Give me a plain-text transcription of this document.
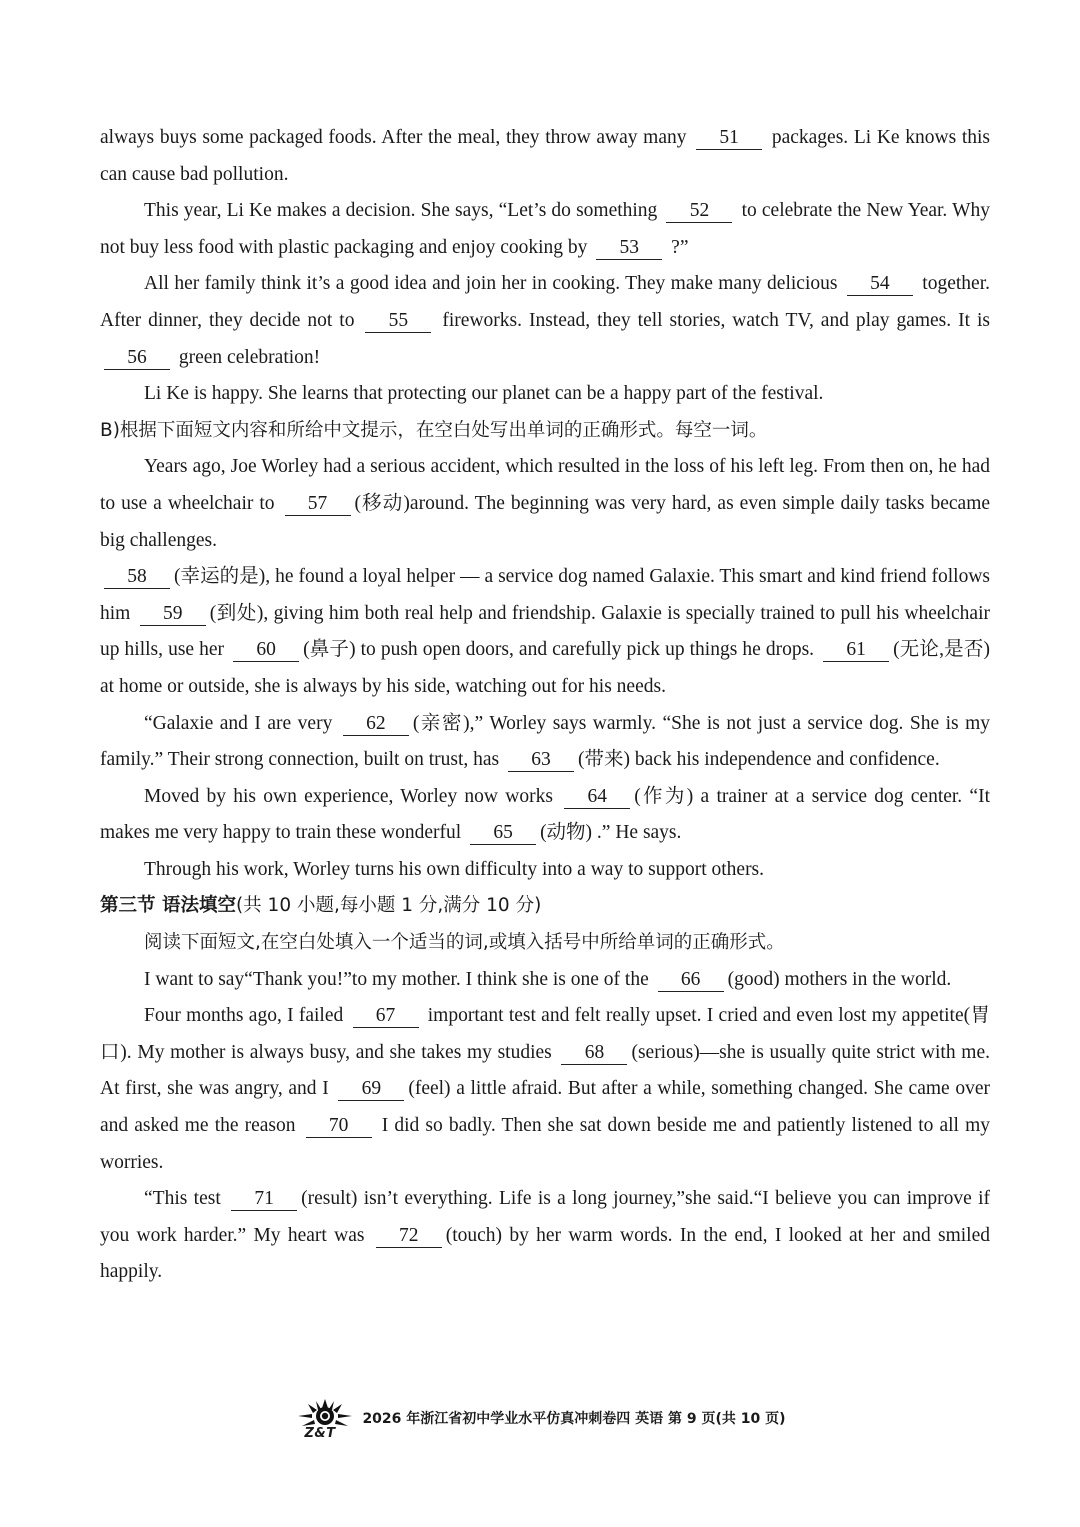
always buys some packaged foods. After the meal, they throw away many 51 packages. Li Ke knows this can cause bad pollution.

This year, Li Ke makes a decision. She says, “Let’s do something 52 to celebrate the New Year. Why not buy less food with plastic packaging and enjoy cooking by 53 ?”

All her family think it’s a good idea and join her in cooking. They make many delicious 54 together. After dinner, they decide not to 55 fireworks. Instead, they tell stories, watch TV, and play games. It is 56 green celebration!

Li Ke is happy. She learns that protecting our planet can be a happy part of the festival.

B)根据下面短文内容和所给中文提示，在空白处写出单词的正确形式。每空一词。

Years ago, Joe Worley had a serious accident, which resulted in the loss of his left leg. From then on, he had to use a wheelchair to 57 (移动)around. The beginning was very hard, as even simple daily tasks became big challenges.

58 (幸运的是), he found a loyal helper — a service dog named Galaxie. This smart and kind friend follows him 59 (到处), giving him both real help and friendship. Galaxie is specially trained to pull his wheelchair up hills, use her 60 (鼻子) to push open doors, and carefully pick up things he drops. 61 (无论,是否) at home or outside, she is always by his side, watching out for his needs.

“Galaxie and I are very 62 (亲密),” Worley says warmly. “She is not just a service dog. She is my family.” Their strong connection, built on trust, has 63 (带来) back his independence and confidence.

Moved by his own experience, Worley now works 64 (作为) a trainer at a service dog center. “It makes me very happy to train these wonderful 65 (动物) .” He says.

Through his work, Worley turns his own difficulty into a way to support others.

第三节 语法填空(共 10 小题,每小题 1 分,满分 10 分)

阅读下面短文,在空白处填入一个适当的词,或填入括号中所给单词的正确形式。

I want to say“Thank you!”to my mother. I think she is one of the 66 (good) mothers in the world.

Four months ago, I failed 67 important test and felt really upset. I cried and even lost my appetite(胃口). My mother is always busy, and she takes my studies 68 (serious)—she is usually quite strict with me. At first, she was angry, and I 69 (feel) a little afraid. But after a while, something changed. She came over and asked me the reason 70 I did so badly. Then she sat down beside me and patiently listened to all my worries.

“This test 71 (result) isn’t everything. Life is a long journey,”she said.“I believe you can improve if you work harder.” My heart was 72 (touch) by her warm words. In the end, I looked at her and smiled happily.

Z&T
2026 年浙江省初中学业水平仿真冲刺卷四 英语 第 9 页(共 10 页)
